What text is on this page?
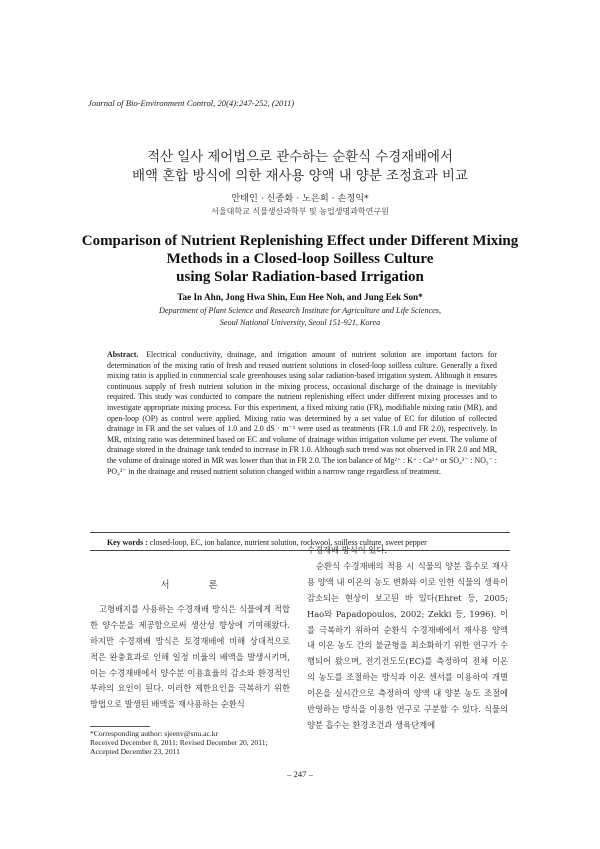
Journal of Bio-Environment Control, 20(4):247-252, (2011)
적산 일사 제어법으로 관수하는 순환식 수경재배에서
배액 혼합 방식에 의한 재사용 양액 내 양분 조정효과 비교
안태인 · 신종화 · 노은희 · 손정익*
서울대학교 식물생산과학부 및 농업생명과학연구원
Comparison of Nutrient Replenishing Effect under Different Mixing
Methods in a Closed-loop Soilless Culture
using Solar Radiation-based Irrigation
Tae In Ahn, Jong Hwa Shin, Eun Hee Noh, and Jung Eek Son*
Department of Plant Science and Research Institute for Agriculture and Life Sciences,
Seoul National University, Seoul 151-921, Korea
Abstract. Electrical conductivity, drainage, and irrigation amount of nutrient solution are important factors for determination of the mixing ratio of fresh and reused nutrient solutions in closed-loop soilless culture. Generally a fixed mixing ratio is applied in commercial scale greenhouses using solar radiation-based irrigation system. Although it ensures continuous supply of fresh nutrient solution in the mixing process, occasional discharge of the drainage is inevitably required. This study was conducted to compare the nutrient replenishing effect under different mixing processes and to investigate appropriate mixing process. For this experiment, a fixed mixing ratio (FR), modifiable mixing ratio (MR), and open-loop (OP) as control were applied. Mixing ratio was determined by a set value of EC for dilution of collected drainage in FR and the set values of 1.0 and 2.0 dS · m⁻¹ were used as treatments (FR 1.0 and FR 2.0), respectively. In MR, mixing ratio was determined based on EC and volume of drainage within irrigation volume per event. The volume of drainage stored in the drainage tank tended to increase in FR 1.0. Although such trend was not observed in FR 2.0 and MR, the volume of drainage stored in MR was lower than that in FR 2.0. The ion balance of Mg²⁺ : K⁺ : Ca²⁺ or SO₄²⁻ : NO₃⁻ : PO₄³⁻ in the drainage and reused nutrient solution changed within a narrow range regardless of treatment.
Key words : closed-loop, EC, ion balance, nutrient solution, rockwool, soilless culture, sweet pepper
서 론

고형배지를 사용하는 수경재배 방식은 식물에게 적합한 양수분을 제공함으로써 생산성 향상에 기여해왔다. 하지만 수경재배 방식은 토경재배에 비해 상대적으로 적은 완충효과로 인해 일정 비율의 배액을 발생시키며, 이는 수경재배에서 양수분 이용효율의 감소와 환경적인 부하의 요인이 된다. 이러한 제한요인을 극복하기 위한 방법으로 발생된 배액을 재사용하는 순환식

수경재배 방식이 있다.

순환식 수경재배의 적용 시 식물의 양분 흡수로 재사용 양액 내 이온의 농도 변화와 이로 인한 식물의 생육이 감소되는 현상이 보고된 바 있다(Ehret 등, 2005; Hao와 Papadopoulos, 2002; Zekki 등, 1996). 이를 극복하기 위하여 순환식 수경재배에서 재사용 양액 내 이온 농도 간의 불균형을 최소화하기 위한 연구가 수행되어 왔으며, 전기전도도(EC)를 측정하여 전체 이온의 농도를 조절하는 방식과 이온 센서를 이용하여 개별 이온을 실시간으로 측정하여 양액 내 양분 농도 조절에 반영하는 방식을 이용한 연구로 구분할 수 있다. 식물의 양분 흡수는 환경조건과 생육단계에

*Corresponding author: sjeenv@snu.ac.kr
Received December 8, 2011; Revised December 20, 2011;
Accepted December 23, 2011
– 247 –
